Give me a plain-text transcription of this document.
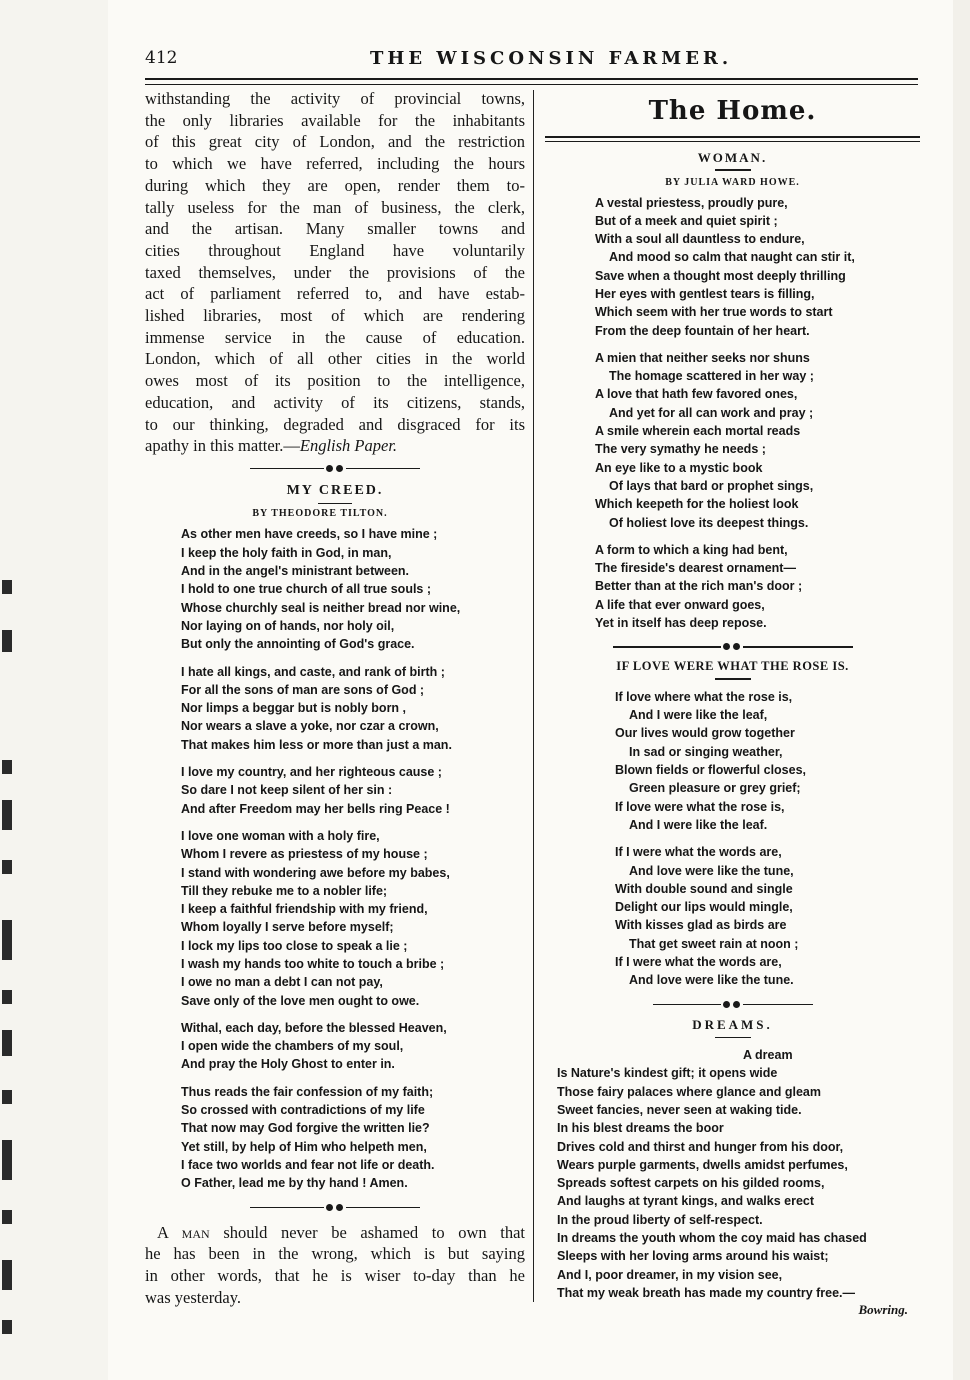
412	THE WISCONSIN FARMER.
withstanding the activity of provincial towns,
the only libraries available for the inhabitants
of this great city of London, and the restriction
to which we have referred, including the hours
during which they are open, render them to-
tally useless for the man of business, the clerk,
and the artisan. Many smaller towns and
cities throughout England have voluntarily
taxed themselves, under the provisions of the
act of parliament referred to, and have estab-
lished libraries, most of which are rendering
immense service in the cause of education.
London, which of all other cities in the world
owes most of its position to the intelligence,
education, and activity of its citizens, stands,
to our thinking, degraded and disgraced for its
apathy in this matter.—English Paper.
MY CREED.

BY THEODORE TILTON.

As other men have creeds, so I have mine ;
I keep the holy faith in God, in man,
And in the angel's ministrant between.
I hold to one true church of all true souls ;
Whose churchly seal is neither bread nor wine,
Nor laying on of hands, nor holy oil,
But only the annointing of God's grace.
I hate all kings, and caste, and rank of birth ;
For all the sons of man are sons of God ;
Nor limps a beggar but is nobly born ,
Nor wears a slave a yoke, nor czar a crown,
That makes him less or more than just a man.
I love my country, and her righteous cause ;
So dare I not keep silent of her sin :
And after Freedom may her bells ring Peace !
I love one woman with a holy fire,
Whom I revere as priestess of my house ;
I stand with wondering awe before my babes,
Till they rebuke me to a nobler life;
I keep a faithful friendship with my friend,
Whom loyally I serve before myself;
I lock my lips too close to speak a lie ;
I wash my hands too white to touch a bribe ;
I owe no man a debt I can not pay,
Save only of the love men ought to owe.
Withal, each day, before the blessed Heaven,
I open wide the chambers of my soul,
And pray the Holy Ghost to enter in.
Thus reads the fair confession of my faith;
So crossed with contradictions of my life
That now may God forgive the written lie?
Yet still, by help of Him who helpeth men,
I face two worlds and fear not life or death.
O Father, lead me by thy hand ! Amen.
A man should never be ashamed to own that
he has been in the wrong, which is but saying
in other words, that he is wiser to-day than he
was yesterday.
The Home.
WOMAN.

BY JULIA WARD HOWE.

A vestal priestess, proudly pure,
But of a meek and quiet spirit ;
With a soul all dauntless to endure,
And mood so calm that naught can stir it,
Save when a thought most deeply thrilling
Her eyes with gentlest tears is filling,
Which seem with her true words to start
From the deep fountain of her heart.
A mien that neither seeks nor shuns
The homage scattered in her way ;
A love that hath few favored ones,
And yet for all can work and pray ;
A smile wherein each mortal reads
The very symathy he needs ;
An eye like to a mystic book
Of lays that bard or prophet sings,
Which keepeth for the holiest look
Of holiest love its deepest things.
A form to which a king had bent,
The fireside's dearest ornament—
Better than at the rich man's door ;
A life that ever onward goes,
Yet in itself has deep repose.
IF LOVE WERE WHAT THE ROSE IS.
If love where what the rose is,
And I were like the leaf,
Our lives would grow together
In sad or singing weather,
Blown fields or flowerful closes,
Green pleasure or grey grief;
If love were what the rose is,
And I were like the leaf.
If I were what the words are,
And love were like the tune,
With double sound and single
Delight our lips would mingle,
With kisses glad as birds are
That get sweet rain at noon ;
If I were what the words are,
And love were like the tune.
DREAMS.
A dream
Is Nature's kindest gift; it opens wide
Those fairy palaces where glance and gleam
Sweet fancies, never seen at waking tide.
In his blest dreams the boor
Drives cold and thirst and hunger from his door,
Wears purple garments, dwells amidst perfumes,
Spreads softest carpets on his gilded rooms,
And laughs at tyrant kings, and walks erect
In the proud liberty of self-respect.
In dreams the youth whom the coy maid has chased
Sleeps with her loving arms around his waist;
And I, poor dreamer, in my vision see,
That my weak breath has made my country free.—
Bowring.
